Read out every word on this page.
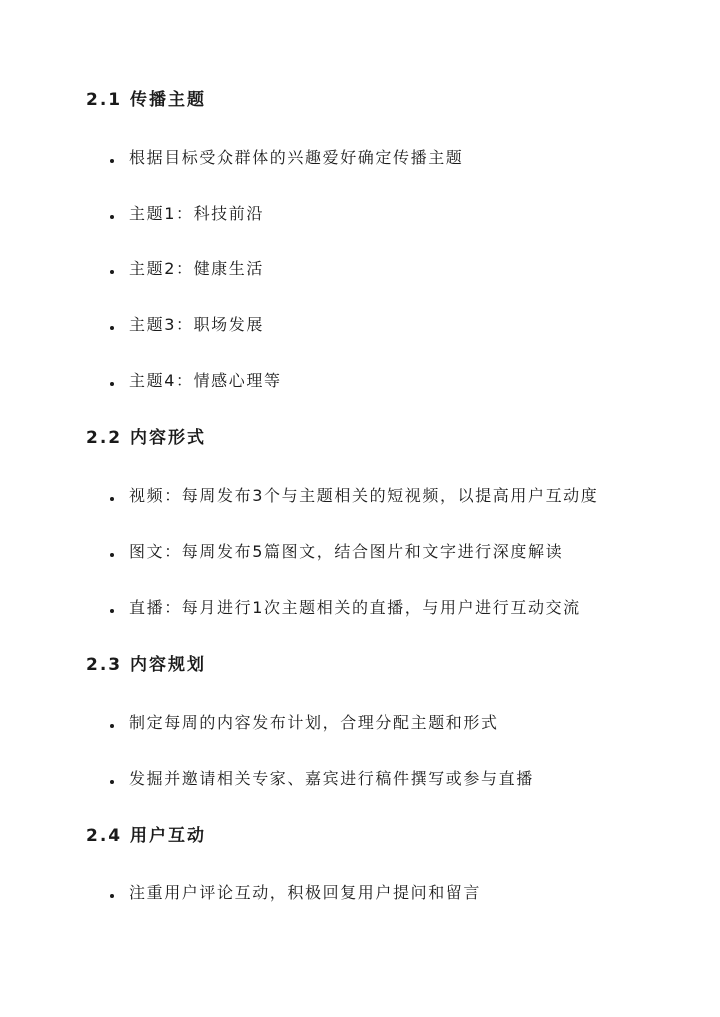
2.1 传播主题
根据目标受众群体的兴趣爱好确定传播主题
主题1：科技前沿
主题2：健康生活
主题3：职场发展
主题4：情感心理等
2.2 内容形式
视频：每周发布3个与主题相关的短视频，以提高用户互动度
图文：每周发布5篇图文，结合图片和文字进行深度解读
直播：每月进行1次主题相关的直播，与用户进行互动交流
2.3 内容规划
制定每周的内容发布计划，合理分配主题和形式
发掘并邀请相关专家、嘉宾进行稿件撰写或参与直播
2.4 用户互动
注重用户评论互动，积极回复用户提问和留言
